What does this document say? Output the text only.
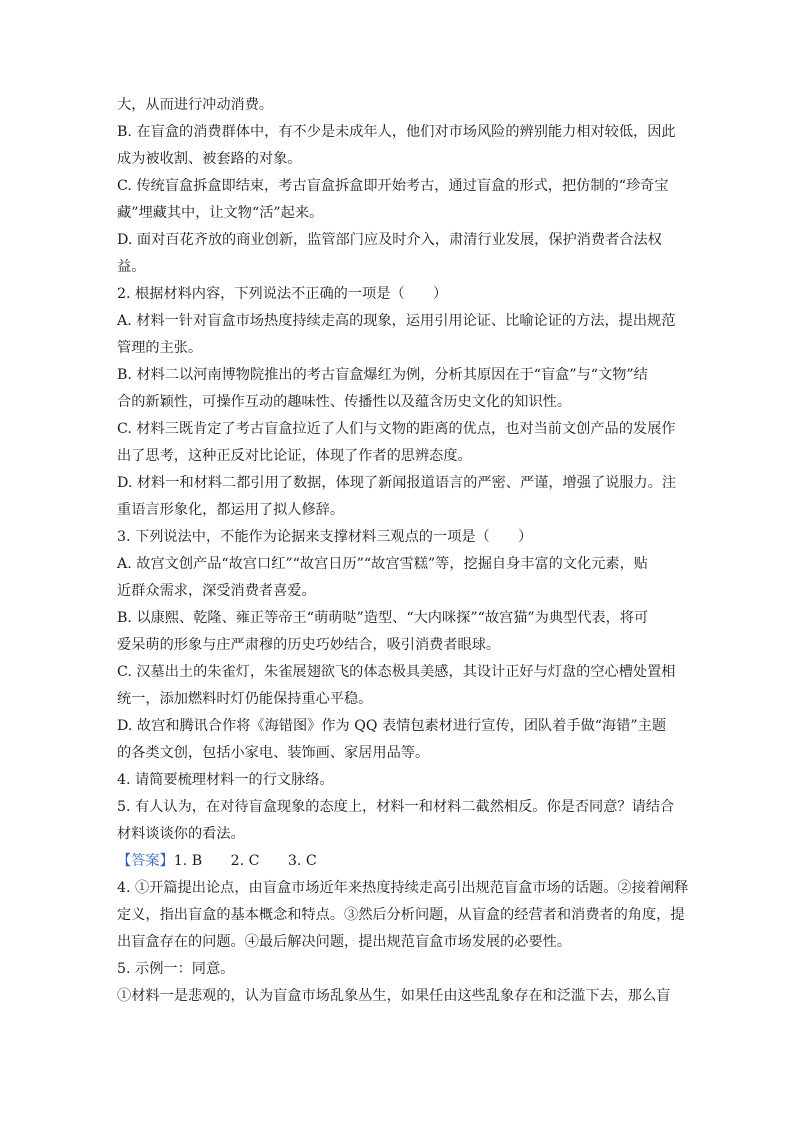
大，从而进行冲动消费。
B. 在盲盒的消费群体中，有不少是未成年人，他们对市场风险的辨别能力相对较低，因此
成为被收割、被套路的对象。
C. 传统盲盒拆盒即结束，考古盲盒拆盒即开始考古，通过盲盒的形式，把仿制的“珍奇宝
藏”埋藏其中，让文物“活”起来。
D. 面对百花齐放的商业创新，监管部门应及时介入，肃清行业发展，保护消费者合法权
益。
2. 根据材料内容，下列说法不正确的一项是（　　）
A. 材料一针对盲盒市场热度持续走高的现象，运用引用论证、比喻论证的方法，提出规范
管理的主张。
B. 材料二以河南博物院推出的考古盲盒爆红为例，分析其原因在于“盲盒”与“文物”结
合的新颖性，可操作互动的趣味性、传播性以及蕴含历史文化的知识性。
C. 材料三既肯定了考古盲盒拉近了人们与文物的距离的优点，也对当前文创产品的发展作
出了思考，这种正反对比论证，体现了作者的思辨态度。
D. 材料一和材料二都引用了数据，体现了新闻报道语言的严密、严谨，增强了说服力。注
重语言形象化，都运用了拟人修辞。
3. 下列说法中，不能作为论据来支撑材料三观点的一项是（　　）
A. 故宫文创产品“故宫口红”“故宫日历”“故宫雪糕”等，挖掘自身丰富的文化元素，贴
近群众需求，深受消费者喜爱。
B. 以康熙、乾隆、雍正等帝王“萌萌哒”造型、“大内咪探”“故宫猫”为典型代表，将可
爱呆萌的形象与庄严肃穆的历史巧妙结合，吸引消费者眼球。
C. 汉墓出土的朱雀灯，朱雀展翅欲飞的体态极具美感，其设计正好与灯盘的空心槽处置相
统一，添加燃料时灯仍能保持重心平稳。
D. 故宫和腾讯合作将《海错图》作为 QQ 表情包素材进行宣传，团队着手做“海错”主题
的各类文创，包括小家电、装饰画、家居用品等。
4. 请简要梳理材料一的行文脉络。
5. 有人认为，在对待盲盒现象的态度上，材料一和材料二截然相反。你是否同意？请结合
材料谈谈你的看法。
【答案】1. B　　2. C　　3. C
4. ①开篇提出论点，由盲盒市场近年来热度持续走高引出规范盲盒市场的话题。②接着阐释
定义，指出盲盒的基本概念和特点。③然后分析问题，从盲盒的经营者和消费者的角度，提
出盲盒存在的问题。④最后解决问题，提出规范盲盒市场发展的必要性。
5. 示例一：同意。
①材料一是悲观的，认为盲盒市场乱象丛生，如果任由这些乱象存在和泛滥下去，那么盲
